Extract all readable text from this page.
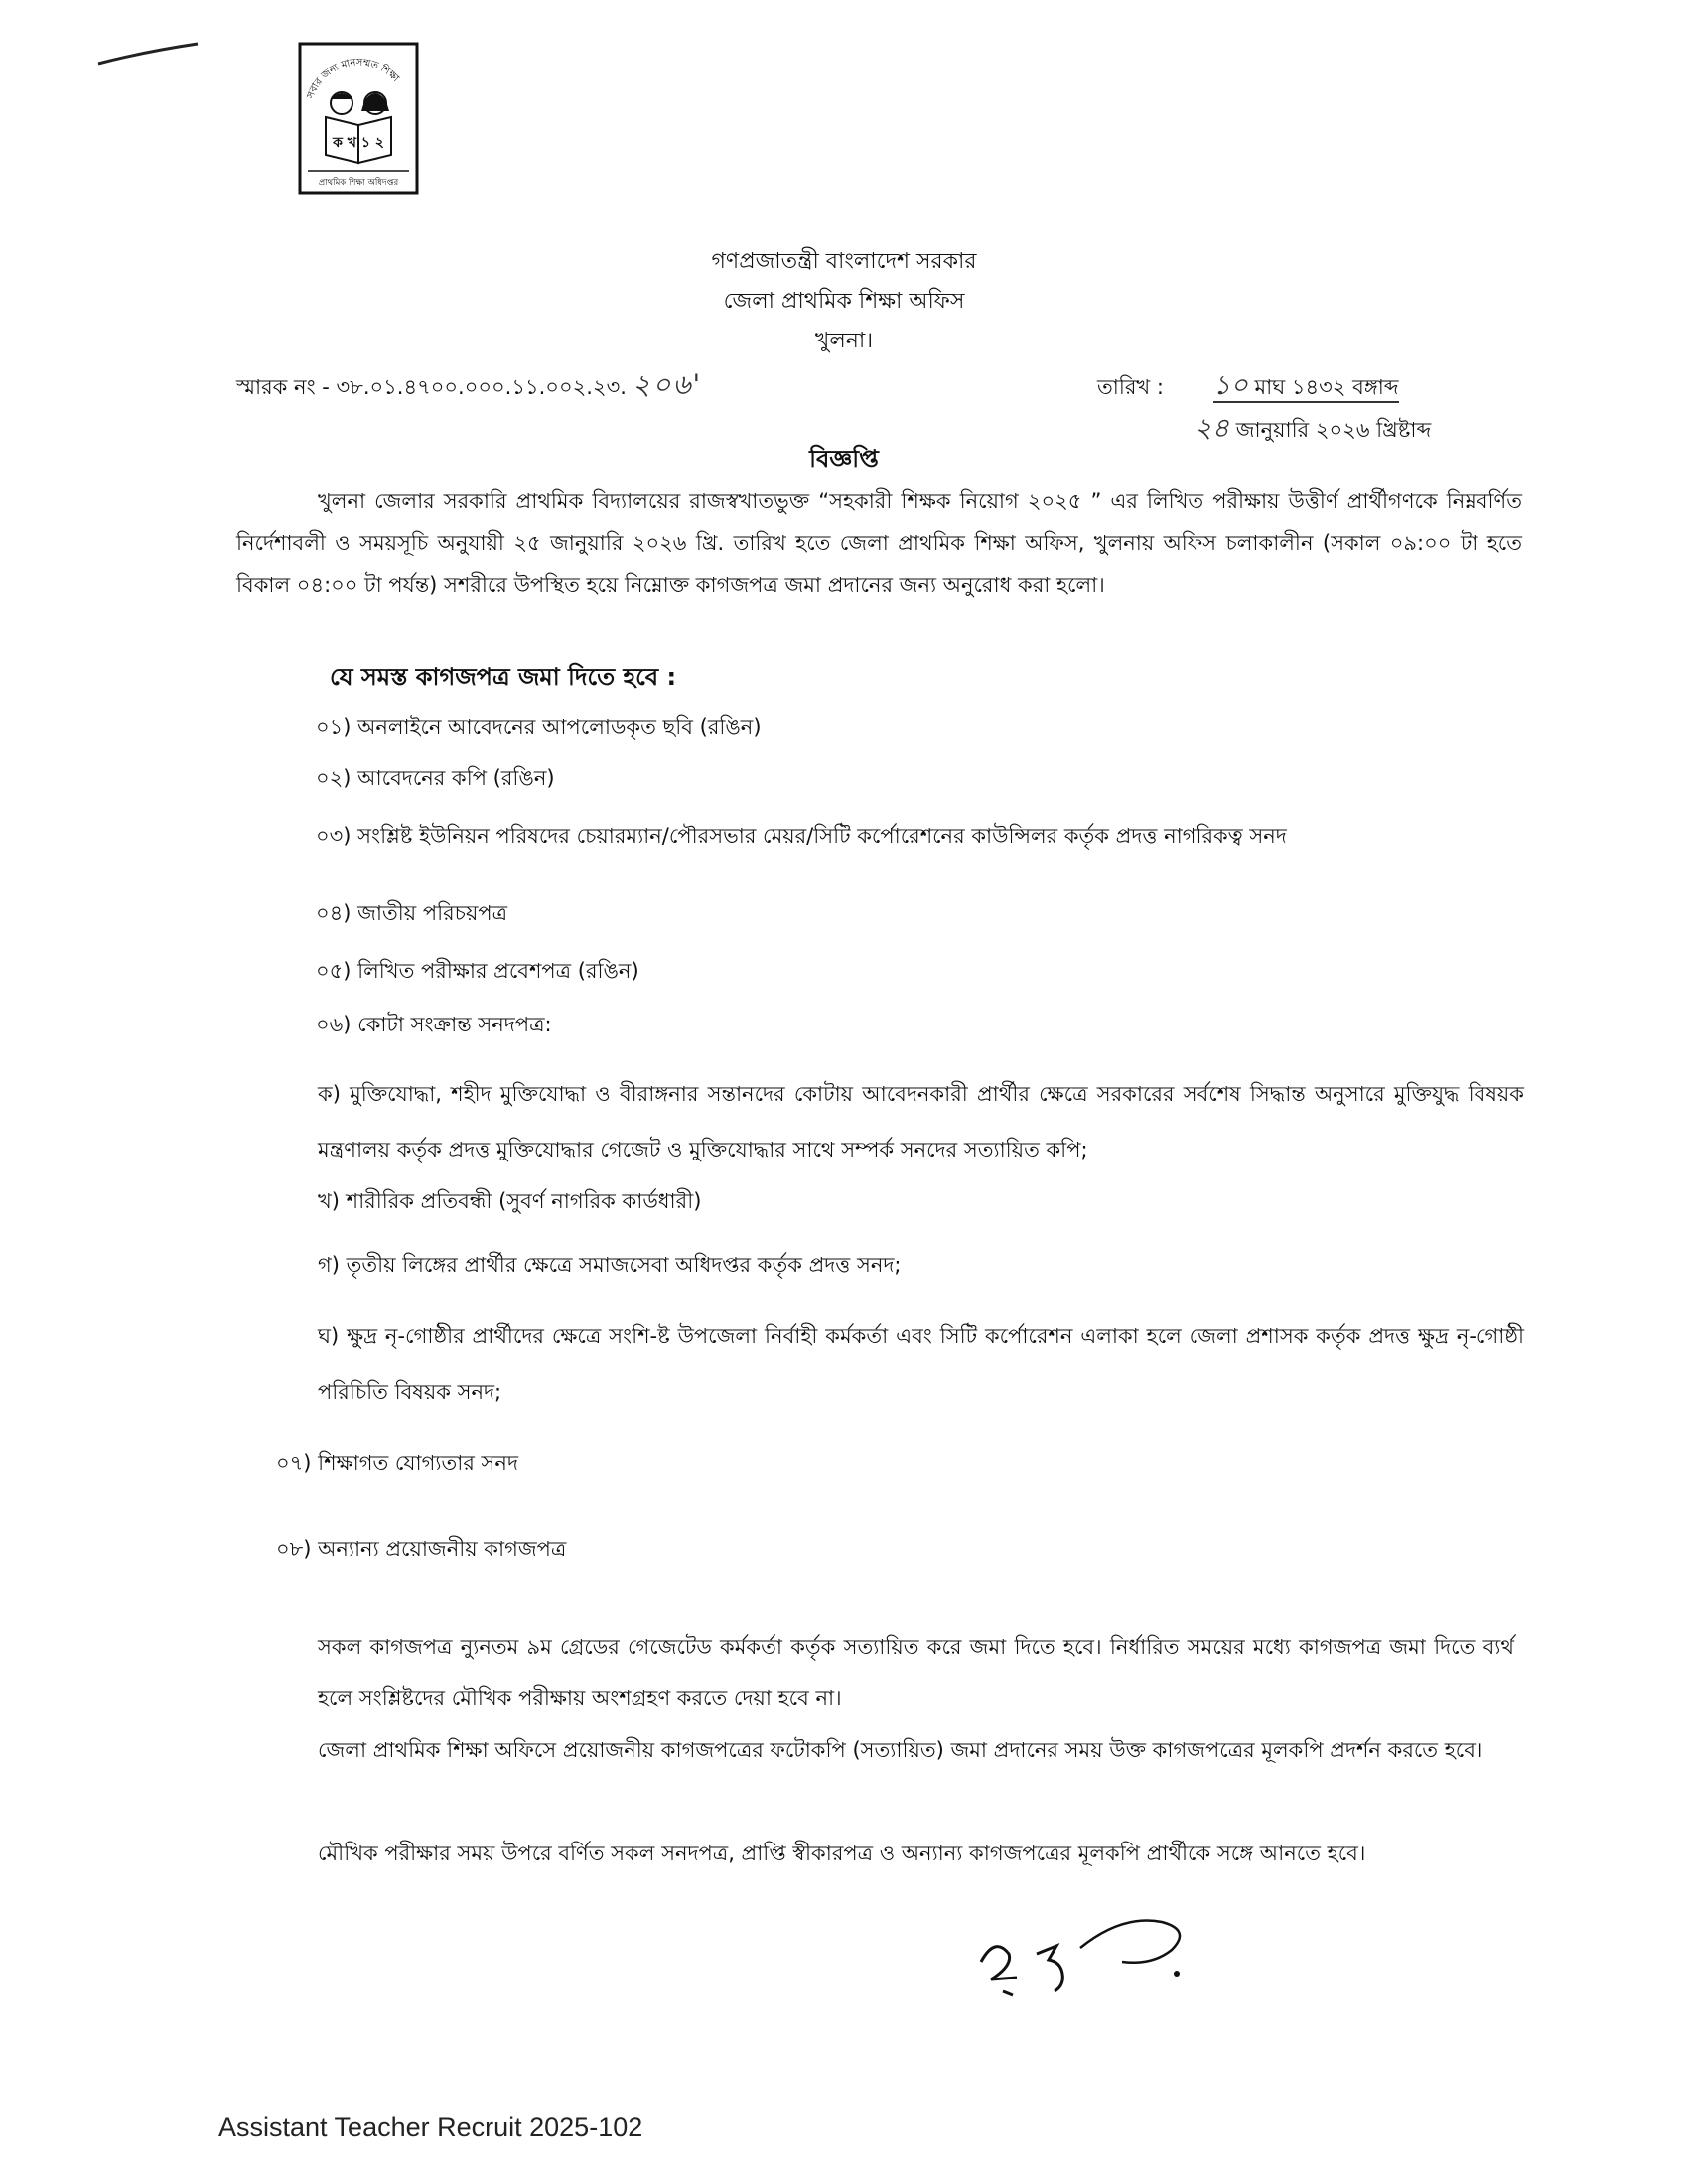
সবার জন্য মানসম্মত শিক্ষা
ক খ ১ ২
প্রাথমিক শিক্ষা অধিদপ্তর
গণপ্রজাতন্ত্রী বাংলাদেশ সরকার
জেলা প্রাথমিক শিক্ষা অফিস
খুলনা।
স্মারক নং - ৩৮.০১.৪৭০০.০০০.১১.০০২.২৩. ২০৬'	তারিখ : ১০ মাঘ ১৪৩২ বঙ্গাব্দ
২৪ জানুয়ারি ২০২৬ খ্রিষ্টাব্দ
বিজ্ঞপ্তি
খুলনা জেলার সরকারি প্রাথমিক বিদ্যালয়ের রাজস্বখাতভুক্ত “সহকারী শিক্ষক নিয়োগ ২০২৫ ” এর লিখিত পরীক্ষায় উত্তীর্ণ প্রার্থীগণকে নিম্নবর্ণিত নির্দেশাবলী ও সময়সূচি অনুযায়ী ২৫ জানুয়ারি ২০২৬ খ্রি. তারিখ হতে জেলা প্রাথমিক শিক্ষা অফিস, খুলনায় অফিস চলাকালীন (সকাল ০৯:০০ টা হতে বিকাল ০৪:০০ টা পর্যন্ত) সশরীরে উপস্থিত হয়ে নিম্নোক্ত কাগজপত্র জমা প্রদানের জন্য অনুরোধ করা হলো।
যে সমস্ত কাগজপত্র জমা দিতে হবে :
০১) অনলাইনে আবেদনের আপলোডকৃত ছবি (রঙিন)
০২) আবেদনের কপি (রঙিন)
০৩) সংশ্লিষ্ট ইউনিয়ন পরিষদের চেয়ারম্যান/পৌরসভার মেয়র/সিটি কর্পোরেশনের কাউন্সিলর কর্তৃক প্রদত্ত নাগরিকত্ব সনদ
০৪) জাতীয় পরিচয়পত্র
০৫) লিখিত পরীক্ষার প্রবেশপত্র (রঙিন)
০৬) কোটা সংক্রান্ত সনদপত্র:
ক) মুক্তিযোদ্ধা, শহীদ মুক্তিযোদ্ধা ও বীরাঙ্গনার সন্তানদের কোটায় আবেদনকারী প্রার্থীর ক্ষেত্রে সরকারের সর্বশেষ সিদ্ধান্ত অনুসারে মুক্তিযুদ্ধ বিষয়ক মন্ত্রণালয় কর্তৃক প্রদত্ত মুক্তিযোদ্ধার গেজেট ও মুক্তিযোদ্ধার সাথে সম্পর্ক সনদের সত্যায়িত কপি;
খ) শারীরিক প্রতিবন্ধী (সুবর্ণ নাগরিক কার্ডধারী)
গ) তৃতীয় লিঙ্গের প্রার্থীর ক্ষেত্রে সমাজসেবা অধিদপ্তর কর্তৃক প্রদত্ত সনদ;
ঘ) ক্ষুদ্র নৃ-গোষ্ঠীর প্রার্থীদের ক্ষেত্রে সংশি-ষ্ট উপজেলা নির্বাহী কর্মকর্তা এবং সিটি কর্পোরেশন এলাকা হলে জেলা প্রশাসক কর্তৃক প্রদত্ত ক্ষুদ্র নৃ-গোষ্ঠী পরিচিতি বিষয়ক সনদ;
০৭) শিক্ষাগত যোগ্যতার সনদ
০৮) অন্যান্য প্রয়োজনীয় কাগজপত্র
সকল কাগজপত্র ন্যুনতম ৯ম গ্রেডের গেজেটেড কর্মকর্তা কর্তৃক সত্যায়িত করে জমা দিতে হবে। নির্ধারিত সময়ের মধ্যে কাগজপত্র জমা দিতে ব্যর্থ হলে সংশ্লিষ্টদের মৌখিক পরীক্ষায় অংশগ্রহণ করতে দেয়া হবে না।
জেলা প্রাথমিক শিক্ষা অফিসে প্রয়োজনীয় কাগজপত্রের ফটোকপি (সত্যায়িত) জমা প্রদানের সময় উক্ত কাগজপত্রের মূলকপি প্রদর্শন করতে হবে।
মৌখিক পরীক্ষার সময় উপরে বর্ণিত সকল সনদপত্র, প্রাপ্তি স্বীকারপত্র ও অন্যান্য কাগজপত্রের মূলকপি প্রার্থীকে সঙ্গে আনতে হবে।
Assistant Teacher Recruit 2025-102
